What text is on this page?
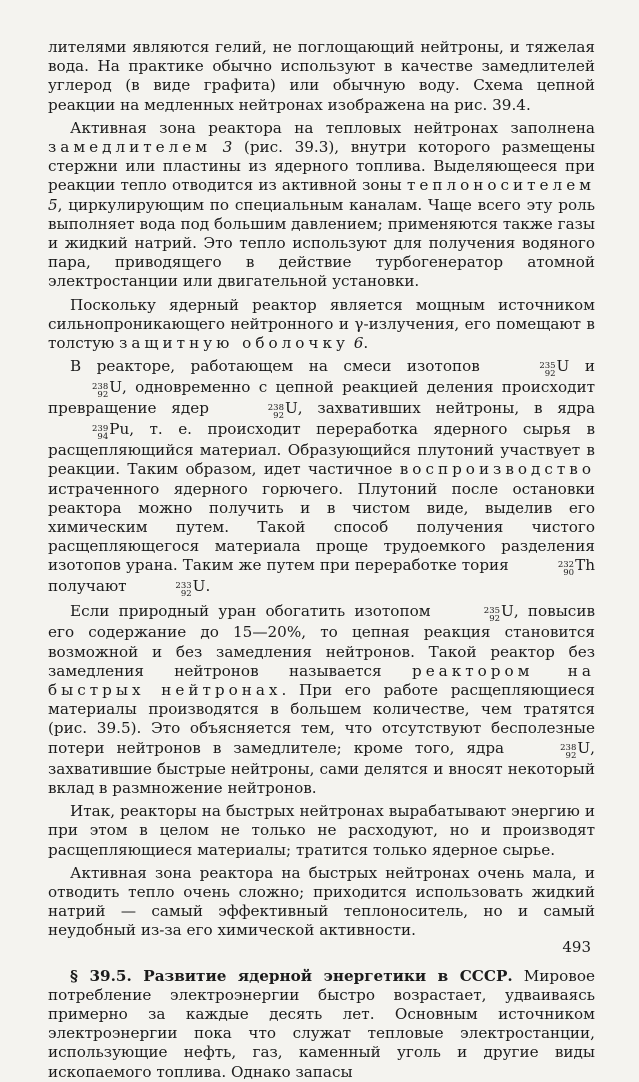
лителями являются гелий, не поглощающий нейтроны, и тяжелая вода. На практике обычно используют в качестве замедлителей углерод (в виде графита) или обычную воду. Схема цепной реакции на медленных нейтронах изображена на рис. 39.4.

Активная зона реактора на тепловых нейтронах заполнена замедлителем 3 (рис. 39.3), внутри которого размещены стержни или пластины из ядерного топлива. Выделяющееся при реакции тепло отводится из активной зоны теплоносителем 5, циркулирующим по специальным каналам. Чаще всего эту роль выполняет вода под большим давлением; применяются также газы и жидкий натрий. Это тепло используют для получения водяного пара, приводящего в действие турбогенератор атомной электростанции или двигательной установки.

Поскольку ядерный реактор является мощным источником сильнопроникающего нейтронного и γ-излучения, его помещают в толстую защитную оболочку 6.

В реакторе, работающем на смеси изотопов	235
92 U и
238
92 U, одновременно с цепной реакцией деления происходит превращение ядер	238
92 U, захвативших нейтроны, в ядра
239
94 Pu, т. е. происходит переработка ядерного сырья в расщепляющийся материал. Образующийся плутоний участвует в реакции. Таким образом, идет частичное воспроизводство истраченного ядерного горючего. Плутоний после остановки реактора можно получить и в чистом виде, выделив его химическим путем. Такой способ получения чистого расщепляющегося материала проще трудоемкого разделения изотопов урана. Таким же путем при переработке тория	232
90 Th получают	233
92 U.

Если природный уран обогатить изотопом	235
92 U, повысив его содержание до 15—20%, то цепная реакция становится возможной и без замедления нейтронов. Такой реактор без замедления нейтронов называется реактором на быстрых нейтронах. При его работе расщепляющиеся материалы производятся в большем количестве, чем тратятся (рис. 39.5). Это объясняется тем, что отсутствуют бесполезные потери нейтронов в замедлителе; кроме того, ядра	238
92 U, захватившие быстрые нейтроны, сами делятся и вносят некоторый вклад в размножение нейтронов.

Итак, реакторы на быстрых нейтронах вырабатывают энергию и при этом в целом не только не расходуют, но и производят расщепляющиеся материалы; тратится только ядерное сырье.

Активная зона реактора на быстрых нейтронах очень мала, и отводить тепло очень сложно; приходится использовать жидкий натрий — самый эффективный теплоноситель, но и самый неудобный из-за его химической активности.

§ 39.5. Развитие ядерной энергетики в СССР. Мировое потребление электроэнергии быстро возрастает, удваиваясь примерно за каждые десять лет. Основным источником электроэнергии пока что служат тепловые электростанции, использующие нефть, газ, каменный уголь и другие виды ископаемого топлива. Однако запасы

493
